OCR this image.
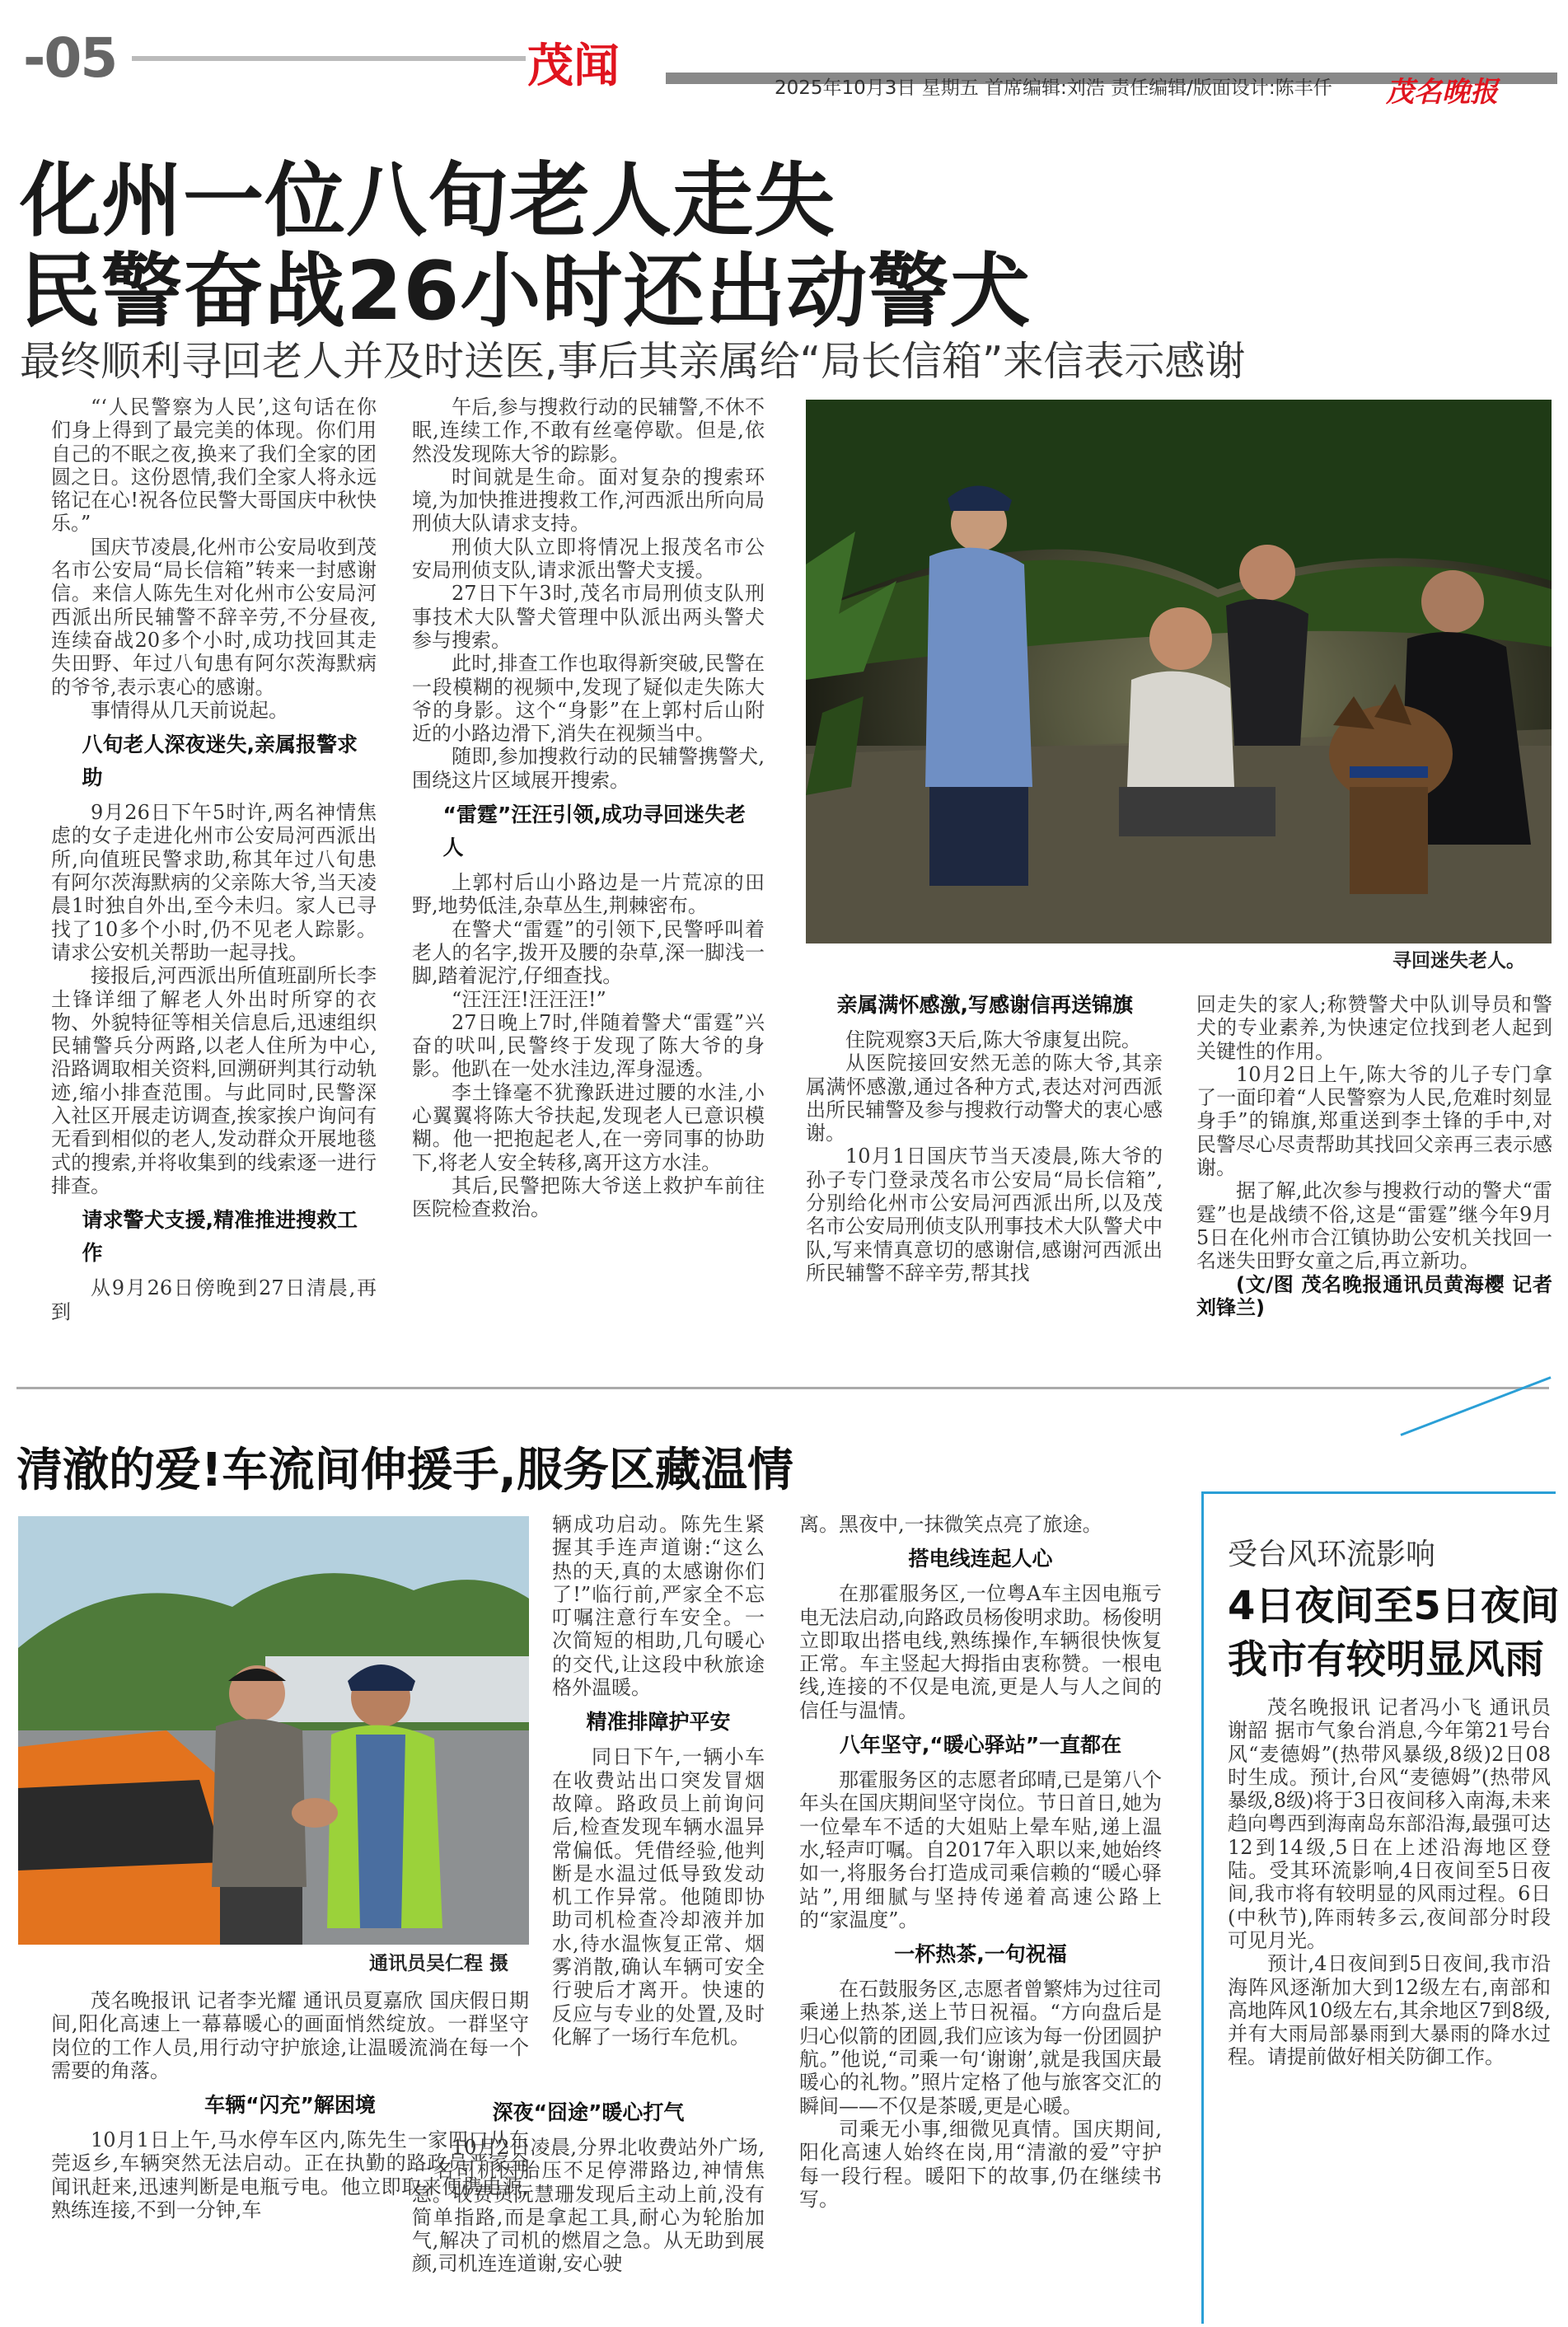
-05	茂闻	2025年10月3日 星期五 首席编辑:刘浩 责任编辑/版面设计:陈丰仟 茂名晚报
化州一位八旬老人走失
民警奋战26小时还出动警犬
最终顺利寻回老人并及时送医,事后其亲属给“局长信箱”来信表示感谢

“‘人民警察为人民’,这句话在你们身上得到了最完美的体现。你们用自己的不眠之夜,换来了我们全家的团圆之日。这份恩情,我们全家人将永远铭记在心!祝各位民警大哥国庆中秋快乐。”

国庆节凌晨,化州市公安局收到茂名市公安局“局长信箱”转来一封感谢信。来信人陈先生对化州市公安局河西派出所民辅警不辞辛劳,不分昼夜,连续奋战20多个小时,成功找回其走失田野、年过八旬患有阿尔茨海默病的爷爷,表示衷心的感谢。

事情得从几天前说起。

八旬老人深夜迷失,亲属报警求助

9月26日下午5时许,两名神情焦虑的女子走进化州市公安局河西派出所,向值班民警求助,称其年过八旬患有阿尔茨海默病的父亲陈大爷,当天凌晨1时独自外出,至今未归。家人已寻找了10多个小时,仍不见老人踪影。请求公安机关帮助一起寻找。

接报后,河西派出所值班副所长李土锋详细了解老人外出时所穿的衣物、外貌特征等相关信息后,迅速组织民辅警兵分两路,以老人住所为中心,沿路调取相关资料,回溯研判其行动轨迹,缩小排查范围。与此同时,民警深入社区开展走访调查,挨家挨户询问有无看到相似的老人,发动群众开展地毯式的搜索,并将收集到的线索逐一进行排查。

请求警犬支援,精准推进搜救工作

从9月26日傍晚到27日清晨,再到

午后,参与搜救行动的民辅警,不休不眠,连续工作,不敢有丝毫停歇。但是,依然没发现陈大爷的踪影。

时间就是生命。面对复杂的搜索环境,为加快推进搜救工作,河西派出所向局刑侦大队请求支持。

刑侦大队立即将情况上报茂名市公安局刑侦支队,请求派出警犬支援。

27日下午3时,茂名市局刑侦支队刑事技术大队警犬管理中队派出两头警犬参与搜索。

此时,排查工作也取得新突破,民警在一段模糊的视频中,发现了疑似走失陈大爷的身影。这个“身影”在上郭村后山附近的小路边滑下,消失在视频当中。

随即,参加搜救行动的民辅警携警犬,围绕这片区域展开搜索。

“雷霆”汪汪引领,成功寻回迷失老人

上郭村后山小路边是一片荒凉的田野,地势低洼,杂草丛生,荆棘密布。

在警犬“雷霆”的引领下,民警呼叫着老人的名字,拨开及腰的杂草,深一脚浅一脚,踏着泥泞,仔细查找。

“汪汪汪!汪汪汪!”

27日晚上7时,伴随着警犬“雷霆”兴奋的吠叫,民警终于发现了陈大爷的身影。他趴在一处水洼边,浑身湿透。

李土锋毫不犹豫跃进过腰的水洼,小心翼翼将陈大爷扶起,发现老人已意识模糊。他一把抱起老人,在一旁同事的协助下,将老人安全转移,离开这方水洼。

其后,民警把陈大爷送上救护车前往医院检查救治。

寻回迷失老人。
亲属满怀感激,写感谢信再送锦旗

住院观察3天后,陈大爷康复出院。

从医院接回安然无恙的陈大爷,其亲属满怀感激,通过各种方式,表达对河西派出所民辅警及参与搜救行动警犬的衷心感谢。

10月1日国庆节当天凌晨,陈大爷的孙子专门登录茂名市公安局“局长信箱”,分别给化州市公安局河西派出所,以及茂名市公安局刑侦支队刑事技术大队警犬中队,写来情真意切的感谢信,感谢河西派出所民辅警不辞辛劳,帮其找

回走失的家人;称赞警犬中队训导员和警犬的专业素养,为快速定位找到老人起到关键性的作用。

10月2日上午,陈大爷的儿子专门拿了一面印着“人民警察为人民,危难时刻显身手”的锦旗,郑重送到李土锋的手中,对民警尽心尽责帮助其找回父亲再三表示感谢。

据了解,此次参与搜救行动的警犬“雷霆”也是战绩不俗,这是“雷霆”继今年9月5日在化州市合江镇协助公安机关找回一名迷失田野女童之后,再立新功。

(文/图 茂名晚报通讯员黄海樱 记者刘锋兰)

清澈的爱!车流间伸援手,服务区藏温情
通讯员吴仁程 摄

茂名晚报讯 记者李光耀 通讯员夏嘉欣 国庆假日期间,阳化高速上一幕幕暖心的画面悄然绽放。一群坚守岗位的工作人员,用行动守护旅途,让温暖流淌在每一个需要的角落。

车辆“闪充”解困境

10月1日上午,马水停车区内,陈先生一家四口从东莞返乡,车辆突然无法启动。正在执勤的路政员严家全闻讯赶来,迅速判断是电瓶亏电。他立即取来便携电源,熟练连接,不到一分钟,车

辆成功启动。陈先生紧握其手连声道谢:“这么热的天,真的太感谢你们了!”临行前,严家全不忘叮嘱注意行车安全。一次简短的相助,几句暖心的交代,让这段中秋旅途格外温暖。

精准排障护平安

同日下午,一辆小车在收费站出口突发冒烟故障。路政员上前询问后,检查发现车辆水温异常偏低。凭借经验,他判断是水温过低导致发动机工作异常。他随即协助司机检查冷却液并加水,待水温恢复正常、烟雾消散,确认车辆可安全行驶后才离开。快速的反应与专业的处置,及时化解了一场行车危机。

深夜“囧途”暖心打气

10月2日凌晨,分界北收费站外广场,一名司机因胎压不足停滞路边,神情焦急。收费员阮慧珊发现后主动上前,没有简单指路,而是拿起工具,耐心为轮胎加气,解决了司机的燃眉之急。从无助到展颜,司机连连道谢,安心驶

离。黑夜中,一抹微笑点亮了旅途。

搭电线连起人心

在那霍服务区,一位粤A车主因电瓶亏电无法启动,向路政员杨俊明求助。杨俊明立即取出搭电线,熟练操作,车辆很快恢复正常。车主竖起大拇指由衷称赞。一根电线,连接的不仅是电流,更是人与人之间的信任与温情。

八年坚守,“暖心驿站”一直都在

那霍服务区的志愿者邱晴,已是第八个年头在国庆期间坚守岗位。节日首日,她为一位晕车不适的大姐贴上晕车贴,递上温水,轻声叮嘱。自2017年入职以来,她始终如一,将服务台打造成司乘信赖的“暖心驿站”,用细腻与坚持传递着高速公路上的“家温度”。

一杯热茶,一句祝福

在石鼓服务区,志愿者曾繁炜为过往司乘递上热茶,送上节日祝福。“方向盘后是归心似箭的团圆,我们应该为每一份团圆护航。”他说,“司乘一句‘谢谢’,就是我国庆最暖心的礼物。”照片定格了他与旅客交汇的瞬间——不仅是茶暖,更是心暖。

司乘无小事,细微见真情。国庆期间,阳化高速人始终在岗,用“清澈的爱”守护每一段行程。暖阳下的故事,仍在继续书写。

受台风环流影响
4日夜间至5日夜间
我市有较明显风雨

茂名晚报讯 记者冯小飞 通讯员谢韶 据市气象台消息,今年第21号台风“麦德姆”(热带风暴级,8级)2日08时生成。预计,台风“麦德姆”(热带风暴级,8级)将于3日夜间移入南海,未来趋向粤西到海南岛东部沿海,最强可达12到14级,5日在上述沿海地区登陆。受其环流影响,4日夜间至5日夜间,我市将有较明显的风雨过程。6日(中秋节),阵雨转多云,夜间部分时段可见月光。

预计,4日夜间到5日夜间,我市沿海阵风逐渐加大到12级左右,南部和高地阵风10级左右,其余地区7到8级,并有大雨局部暴雨到大暴雨的降水过程。请提前做好相关防御工作。
